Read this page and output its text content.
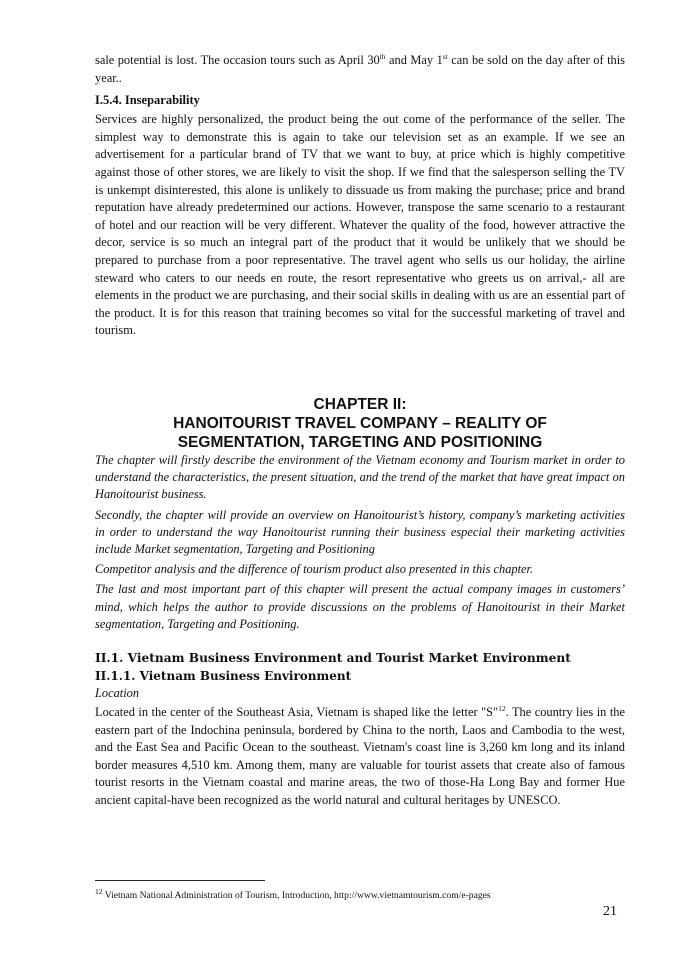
sale potential is lost. The occasion tours such as April 30th and May 1st can be sold on the day after of this year..

I.5.4. Inseparability

Services are highly personalized, the product being the out come of the performance of the seller. The simplest way to demonstrate this is again to take our television set as an example. If we see an advertisement for a particular brand of TV that we want to buy, at price which is highly competitive against those of other stores, we are likely to visit the shop. If we find that the salesperson selling the TV is unkempt disinterested, this alone is unlikely to dissuade us from making the purchase; price and brand reputation have already predetermined our actions. However, transpose the same scenario to a restaurant of hotel and our reaction will be very different. Whatever the quality of the food, however attractive the decor, service is so much an integral part of the product that it would be unlikely that we should be prepared to purchase from a poor representative. The travel agent who sells us our holiday, the airline steward who caters to our needs en route, the resort representative who greets us on arrival,- all are elements in the product we are purchasing, and their social skills in dealing with us are an essential part of the product. It is for this reason that training becomes so vital for the successful marketing of travel and tourism.

CHAPTER II:
HANOITOURIST TRAVEL COMPANY – REALITY OF
SEGMENTATION, TARGETING AND POSITIONING

The chapter will firstly describe the environment of the Vietnam economy and Tourism market in order to understand the characteristics, the present situation, and the trend of the market that have great impact on Hanoitourist business.

Secondly, the chapter will provide an overview on Hanoitourist’s history, company’s marketing activities in order to understand the way Hanoitourist running their business especial their marketing activities include Market segmentation, Targeting and Positioning

Competitor analysis and the difference of tourism product also presented in this chapter.

The last and most important part of this chapter will present the actual company images in customers’ mind, which helps the author to provide discussions on the problems of Hanoitourist in their Market segmentation, Targeting and Positioning.

II.1. Vietnam Business Environment and Tourist Market Environment
II.1.1. Vietnam Business Environment
Location

Located in the center of the Southeast Asia, Vietnam is shaped like the letter "S"$^{12}$. The country lies in the eastern part of the Indochina peninsula, bordered by China to the north, Laos and Cambodia to the west, and the East Sea and Pacific Ocean to the southeast. Vietnam's coast line is 3,260 km long and its inland border measures 4,510 km. Among them, many are valuable for tourist assets that create also of famous tourist resorts in the Vietnam coastal and marine areas, the two of those-Ha Long Bay and former Hue ancient capital-have been recognized as the world natural and cultural heritages by UNESCO.

$^{12}$ Vietnam National Administration of Tourism, Introduction, http://www.vietnamtourism.com/e-pages
21
